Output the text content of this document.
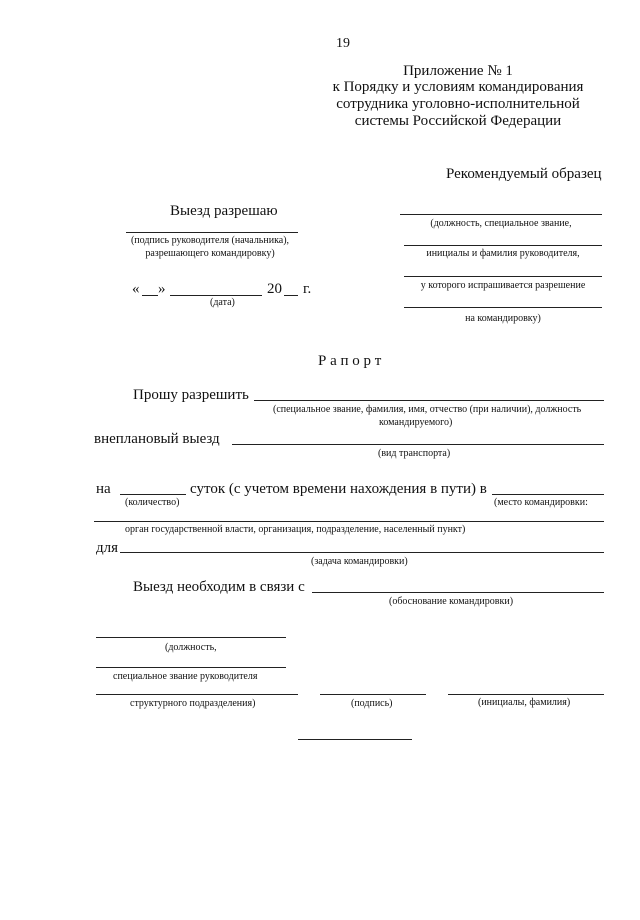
19
Приложение № 1
к Порядку и условиям командирования
сотрудника уголовно-исполнительной
системы Российской Федерации
Рекомендуемый образец
Выезд разрешаю
(подпись руководителя (начальника),
разрешающего командировку)
« »	20 г.
(дата)
(должность, специальное звание,
инициалы и фамилия руководителя,
у которого испрашивается разрешение
на командировку)
Р а п о р т
Прошу разрешить
(специальное звание, фамилия, имя, отчество (при наличии), должность
командируемого)
внеплановый выезд
(вид транспорта)
на	суток (с учетом времени нахождения в пути) в
(количество)	(место командировки:
орган государственной власти, организация, подразделение, населенный пункт)
для
(задача командировки)
Выезд необходим в связи с
(обоснование командировки)
(должность,
специальное звание руководителя
структурного подразделения)	(подпись)	(инициалы, фамилия)
